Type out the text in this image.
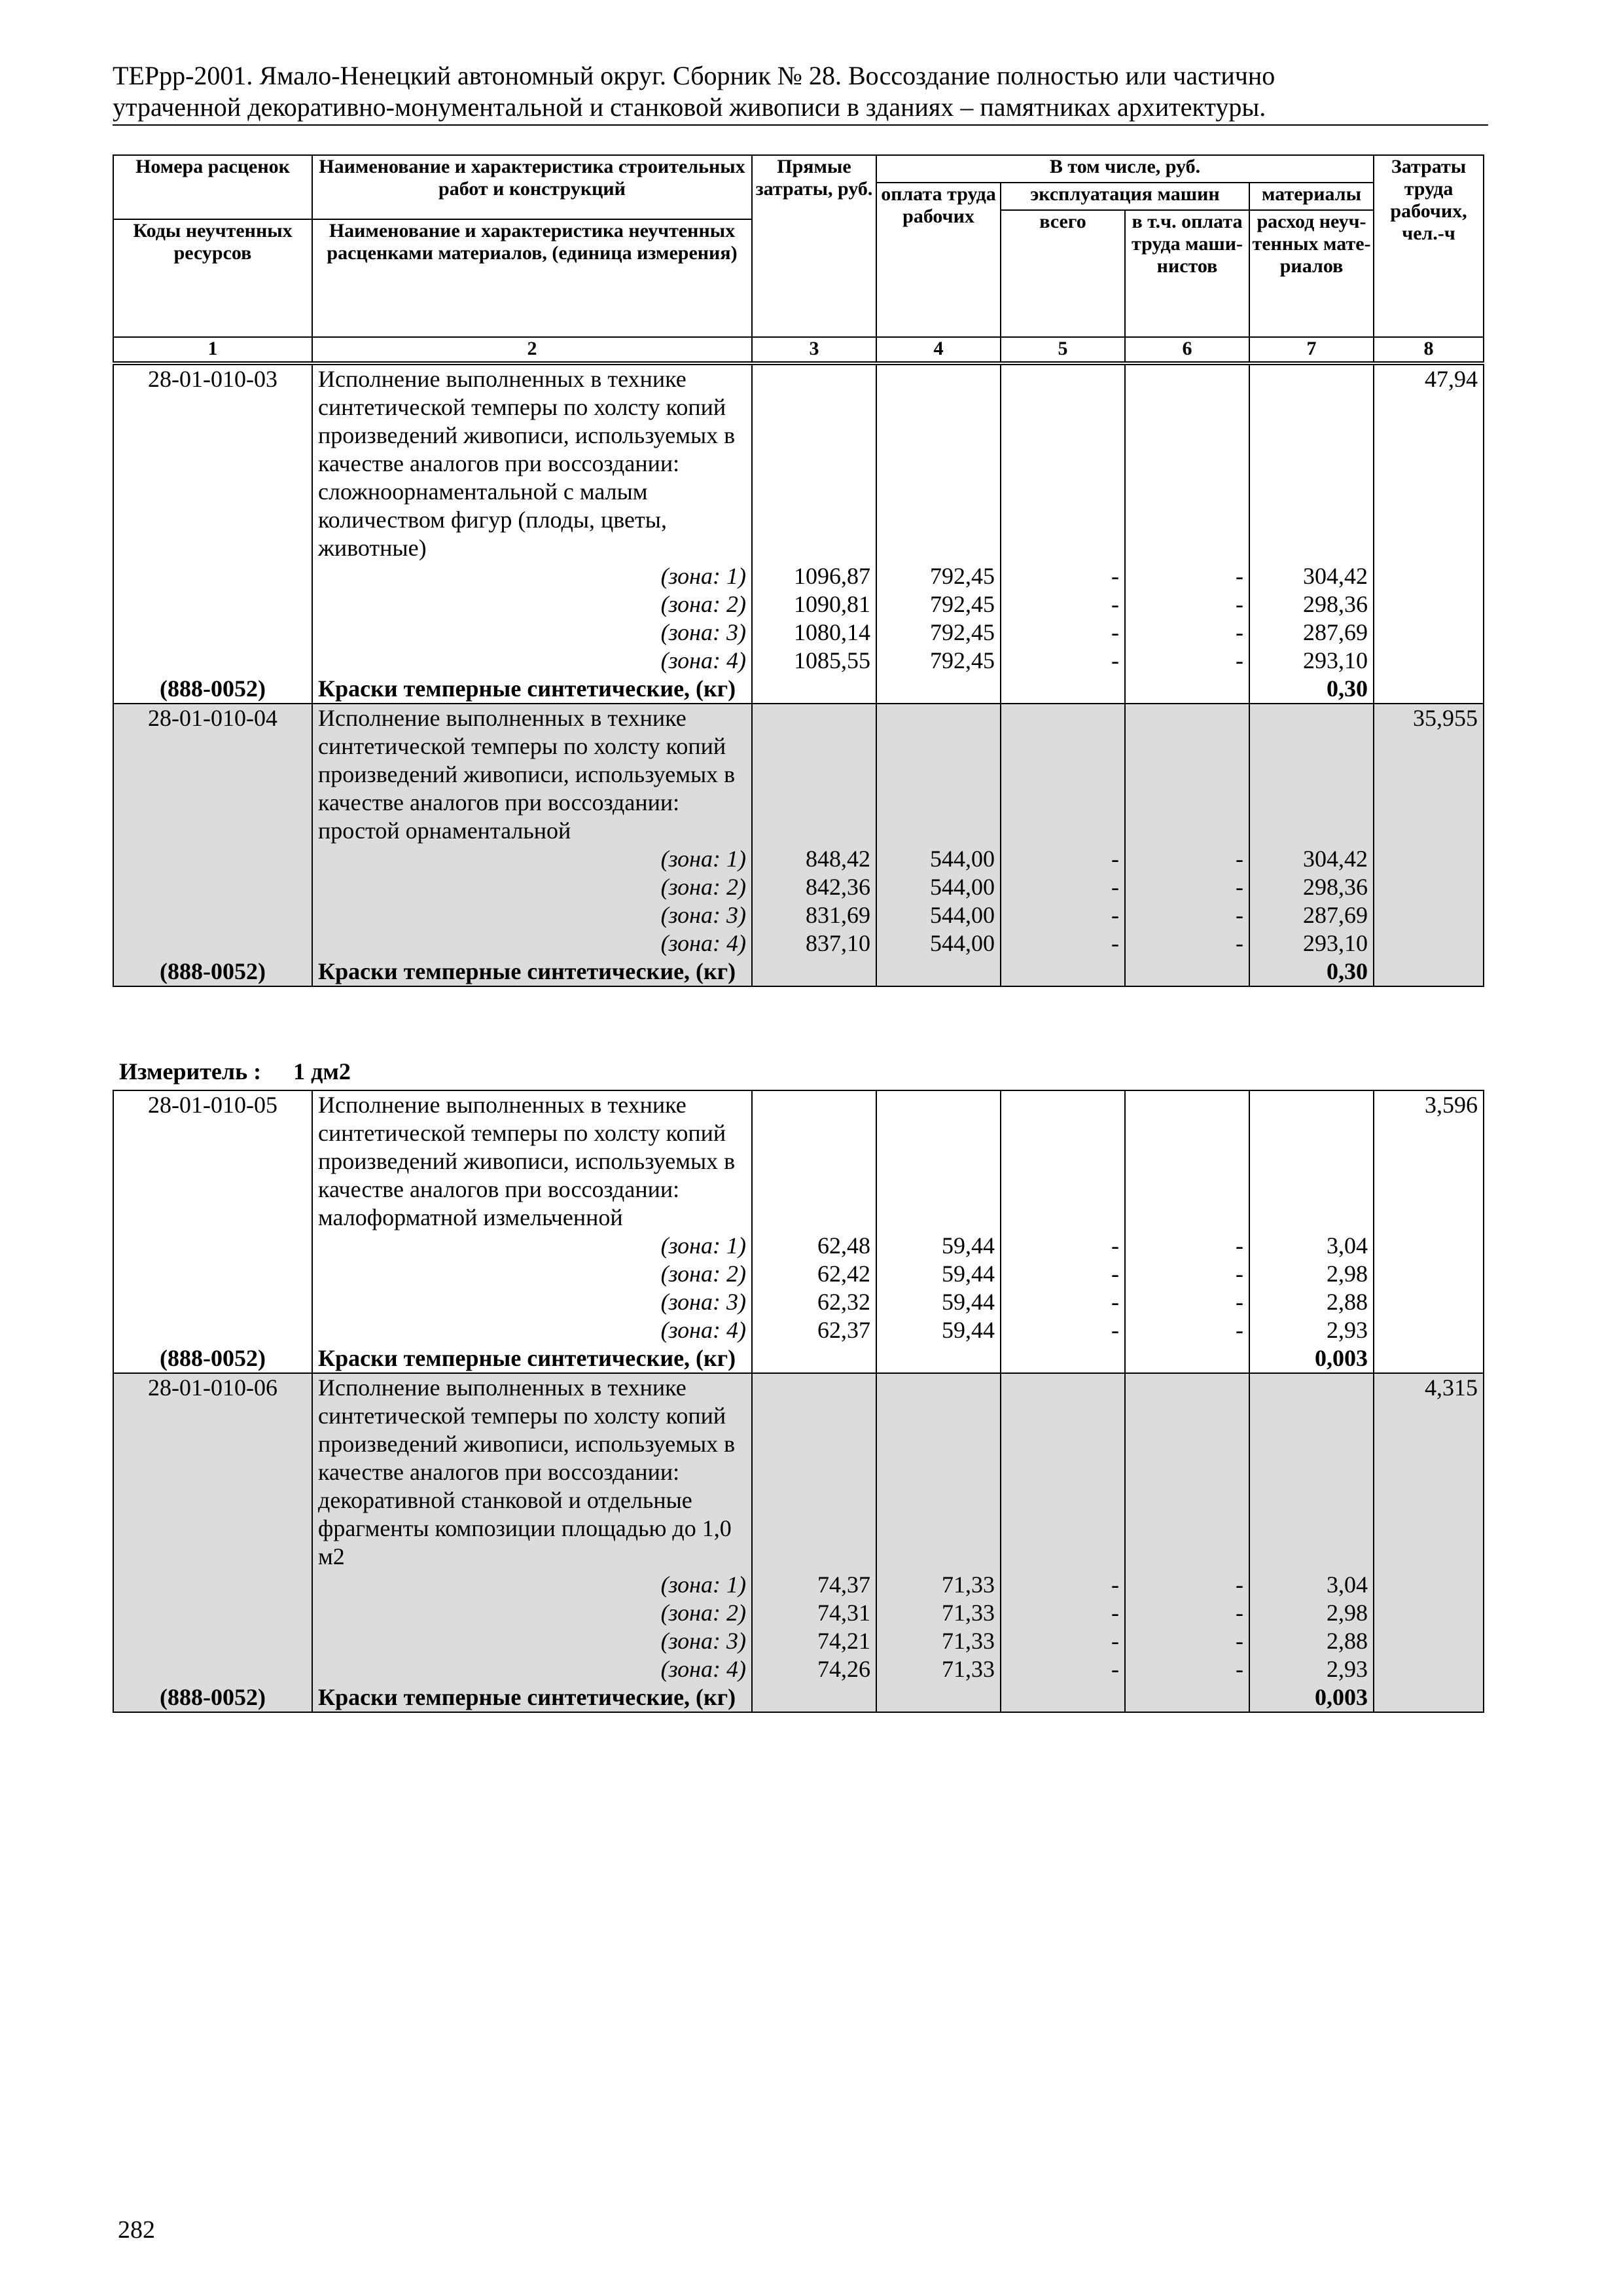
ТЕРрр-2001. Ямало-Ненецкий автономный округ. Сборник № 28. Воссоздание полностью или частично
утраченной декоративно-монументальной и станковой живописи в зданиях – памятниках архитектуры.
Номера расценок	Наименование и характеристика строительных работ и конструкций	Прямые затраты, руб.	В том числе, руб.				Затраты труда рабочих, чел.-ч
			оплата труда рабочих	эксплуатация машин		материалы	
				всего	в т.ч. оплата труда маши-нистов	расход неуч-тенных мате-риалов	
Коды неучтенных ресурсов	Наименование и характеристика неучтенных расценками материалов, (единица измерения)						

1	2	3	4	5	6	7	8
28-01-010-03	Исполнение выполненных в технике синтетической темперы по холсту копий произведений живописи, используемых в качестве аналогов при воссоздании: сложноорнаментальной с малым количеством фигур (плоды, цветы, животные)						47,94
	(зона: 1)	1096,87	792,45	-	-	304,42	
	(зона: 2)	1090,81	792,45	-	-	298,36	
	(зона: 3)	1080,14	792,45	-	-	287,69	
	(зона: 4)	1085,55	792,45	-	-	293,10	
(888-0052)	Краски темперные синтетические, (кг)					0,30	
28-01-010-04	Исполнение выполненных в технике синтетической темперы по холсту копий произведений живописи, используемых в качестве аналогов при воссоздании: простой орнаментальной						35,955
	(зона: 1)	848,42	544,00	-	-	304,42	
	(зона: 2)	842,36	544,00	-	-	298,36	
	(зона: 3)	831,69	544,00	-	-	287,69	
	(зона: 4)	837,10	544,00	-	-	293,10	
(888-0052)	Краски темперные синтетические, (кг)					0,30	
Измеритель : 1 дм2
28-01-010-05	Исполнение выполненных в технике синтетической темперы по холсту копий произведений живописи, используемых в качестве аналогов при воссоздании: малоформатной измельченной						3,596
	(зона: 1)	62,48	59,44	-	-	3,04	
	(зона: 2)	62,42	59,44	-	-	2,98	
	(зона: 3)	62,32	59,44	-	-	2,88	
	(зона: 4)	62,37	59,44	-	-	2,93	
(888-0052)	Краски темперные синтетические, (кг)					0,003	
28-01-010-06	Исполнение выполненных в технике синтетической темперы по холсту копий произведений живописи, используемых в качестве аналогов при воссоздании: декоративной станковой и отдельные фрагменты композиции площадью до 1,0 м2						4,315
	(зона: 1)	74,37	71,33	-	-	3,04	
	(зона: 2)	74,31	71,33	-	-	2,98	
	(зона: 3)	74,21	71,33	-	-	2,88	
	(зона: 4)	74,26	71,33	-	-	2,93	
(888-0052)	Краски темперные синтетические, (кг)					0,003	
282
